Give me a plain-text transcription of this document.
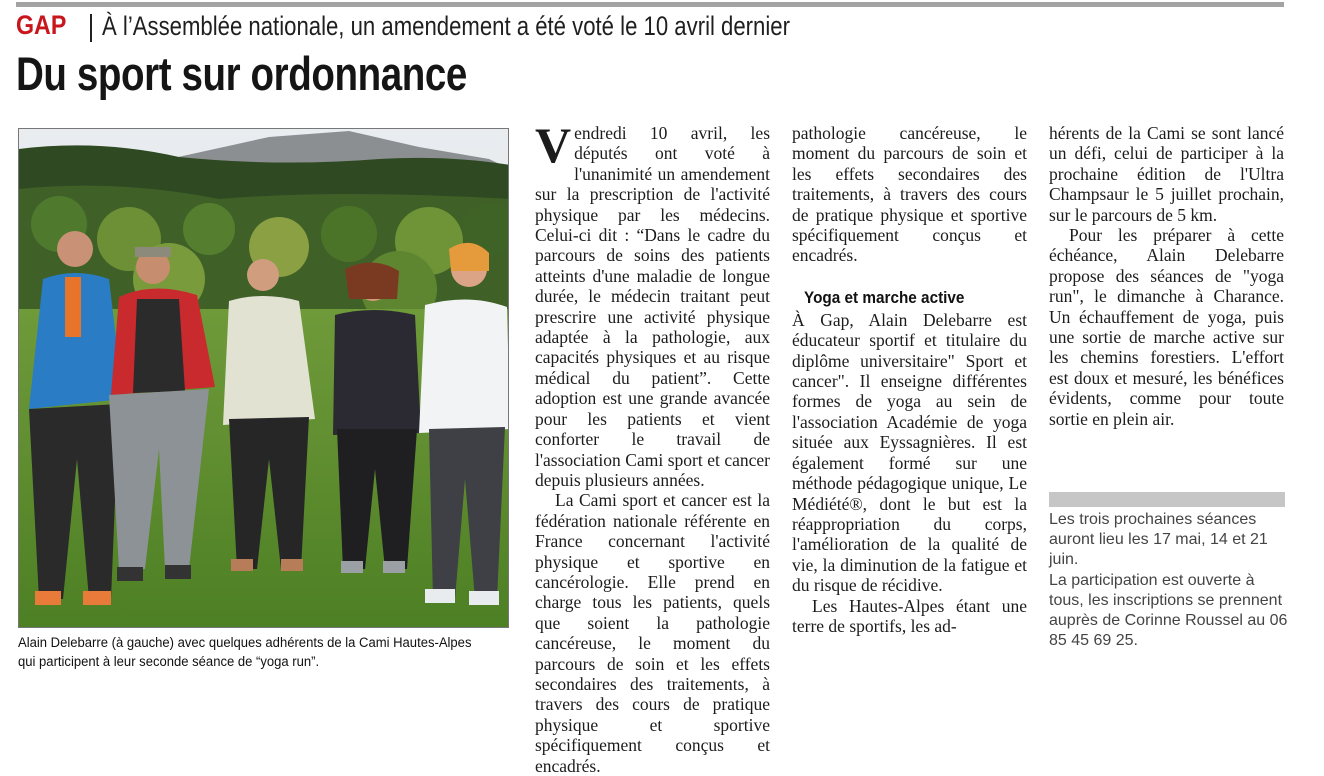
GAP À l’Assemblée nationale, un amendement a été voté le 10 avril dernier
Du sport sur ordonnance
Alain Delebarre (à gauche) avec quelques adhérents de la Cami Hautes-Alpes qui participent à leur seconde séance de “yoga run”.

Vendredi 10 avril, les députés ont voté à l'unanimité un amendement sur la prescription de l'activité physique par les médecins. Celui-ci dit : “Dans le cadre du parcours de soins des patients atteints d'une maladie de longue durée, le médecin traitant peut prescrire une activité physique adaptée à la pathologie, aux capacités physiques et au risque médical du patient”. Cette adoption est une grande avancée pour les patients et vient conforter le travail de l'association Cami sport et cancer depuis plusieurs années.

La Cami sport et cancer est la fédération nationale référente en France concernant l'activité physique et sportive en cancérologie. Elle prend en charge tous les patients, quels que soient la pathologie cancéreuse, le moment du parcours de soin et les effets secondaires des traitements, à travers des cours de pratique physique et sportive spécifiquement conçus et encadrés.

pathologie cancéreuse, le moment du parcours de soin et les effets secondaires des traitements, à travers des cours de pratique physique et sportive spécifiquement conçus et encadrés.

Yoga et marche active

À Gap, Alain Delebarre est éducateur sportif et titulaire du diplôme universitaire" Sport et cancer". Il enseigne différentes formes de yoga au sein de l'association Académie de yoga située aux Eyssagnières. Il est également formé sur une méthode pédagogique unique, Le Médiété®, dont le but est la réappropriation du corps, l'amélioration de la qualité de vie, la diminution de la fatigue et du risque de récidive.

Les Hautes-Alpes étant une terre de sportifs, les ad-

hérents de la Cami se sont lancé un défi, celui de participer à la prochaine édition de l'Ultra Champsaur le 5 juillet prochain, sur le parcours de 5 km.

Pour les préparer à cette échéance, Alain Delebarre propose des séances de "yoga run", le dimanche à Charance. Un échauffement de yoga, puis une sortie de marche active sur les chemins forestiers. L'effort est doux et mesuré, les bénéfices évidents, comme pour toute sortie en plein air.

Les trois prochaines séances auront lieu les 17 mai, 14 et 21 juin.

La participation est ouverte à tous, les inscriptions se prennent auprès de Corinne Roussel au 06 85 45 69 25.
